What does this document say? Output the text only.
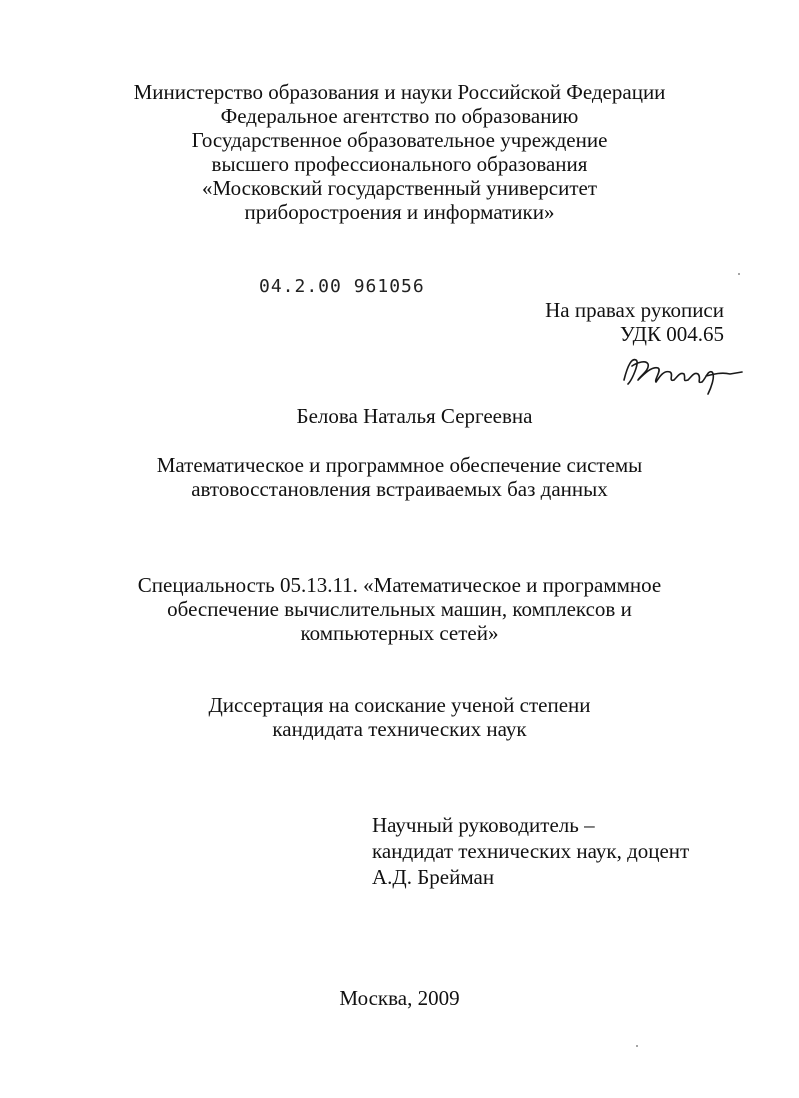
Министерство образования и науки Российской Федерации
Федеральное агентство по образованию
Государственное образовательное учреждение
высшего профессионального образования
«Московский государственный университет
приборостроения и информатики»
04.2.00 961056
На правах рукописи
УДК 004.65
Белова Наталья Сергеевна
Математическое и программное обеспечение системы
автовосстановления встраиваемых баз данных
Специальность 05.13.11. «Математическое и программное
обеспечение вычислительных машин, комплексов и
компьютерных сетей»
Диссертация на соискание ученой степени
кандидата технических наук
Научный руководитель –
кандидат технических наук, доцент
А.Д. Брейман
Москва, 2009
